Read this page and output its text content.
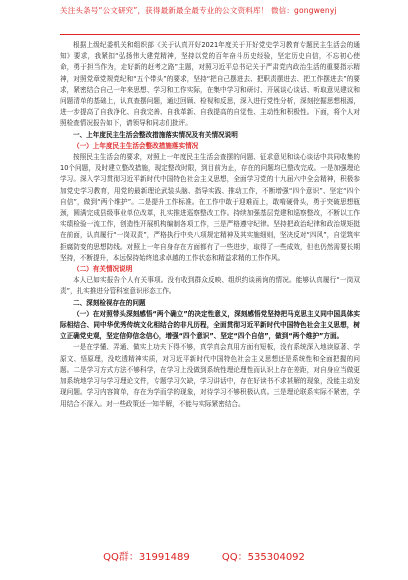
关注头条号“公文研究”，获得最新最全最专业的公文资料库！ 微信：gongwenyj

根据上级纪委机关和组织部《关于认真开好2021年度关于开好党史学习教育专题民主生活会的通知》要求，我紧扣“弘扬伟大建党精神，坚持以党的百年奋斗历史经验，坚定历史自信，不忘初心使命，勇于担当作为，走好新的赶考之路”主题，对照习近平总书记关于严肃党内政治生活的重要指示精神，对照党章党规党纪和“五个带头”的要求，坚持“把自己摆进去、把职责摆进去、把工作摆进去”的要求，紧密结合自己一年来思想、学习和工作实际，在集中学习和研讨、开展谈心谈话、听取意见建议和问题清单的基础上，认真查摆问题，通过回顾、检视和反思，深入进行党性分析，深刻挖掘思想根源，进一步提高了自我净化、自我完善、自我革新、自我提高的自觉性、主动性和积极性。下面，将个人对照检查情况报告如下，请领导和同志们批评。

一、上年度民主生活会整改措施落实情况及有关情况说明

（一）上年度民主生活会整改措施落实情况

按照民主生活会的要求，对照上一年度民主生活会查摆的问题、征求意见和谈心谈话中共同收集的10个问题，及时建立整改措施，现定整改时限，到目前为止，存在的问题均已整改完成。一是加强理论学习。深入学习贯彻习近平新时代中国特色社会主义思想，全面学习党的十九届六中全会精神，积极参加党史学习教育，用党的最新理论武装头脑、指导实践、推动工作，不断增强“四个意识”、坚定“四个自信”，做到“两个维护”。二是提升工作标准。在工作中敢于迎难而上，敢啃硬骨头，勇于突破思想瓶颈，圆满完成县级事业单位改革，扎实推进巡察整改工作。持续加强基层党建和巡察整改，不断以工作实绩检验一流工作，创造性开展机构编制各项工作，三是严格遵守纪律。坚持把政治纪律和政治规矩挺在前面，认真履行“一岗双责”，严格执行中央八项规定精神及其实施细则，坚决反对“四风”，自觉筑牢拒腐防变的思想防线。对照上一年自身存在方面都有了一些进步，取得了一些成效，但也仍然需要长期坚持，不断提升，本远保持始终追求卓越的工作状态和精益求精的工作作风。

（二）有关情况说明

本人已如实报告个人有关事项。没有收到群众反映、组织约谈函询的情况。能够认真履行“一岗双责”，扎实推进分管科室意识形态工作。

二、深刻检视存在的问题

（一）在对照带头深刻感悟“两个确立”的决定性意义，深刻感悟党坚持把马克思主义同中国具体实际相结合、同中华优秀传统文化相结合的非凡历程，全面贯彻习近平新时代中国特色社会主义思想，树立正确党史观，坚定信仰信念信心，增强“四个意识”、坚定“四个自信”，做到“两个维护”方面。

一是在学懂、弄通、做实上功夫下得不够，真学真会真用方面有短板，没有系统深入地读原著、学原文、悟原理，没吃透精神实质，对习近平新时代中国特色社会主义思想还是系统性和全面把握的问题。二是学习方式方法不够科学，在学习上没做到系统性理论理性而认识上存在差距，对自身应当做更加系统地学习与学习理论文件，专题学习欠缺，学习讲话中，存在好读书不求甚解的现象，没能主动发现问题。学习内容简单，存在为学而学的现象，对待学习不够积极认真。三是理论联系实际不紧密，学用结合不深入。对一些政策还一知半解，不能与实际紧密结合。

QQ群：31991489	QQ：535304092
